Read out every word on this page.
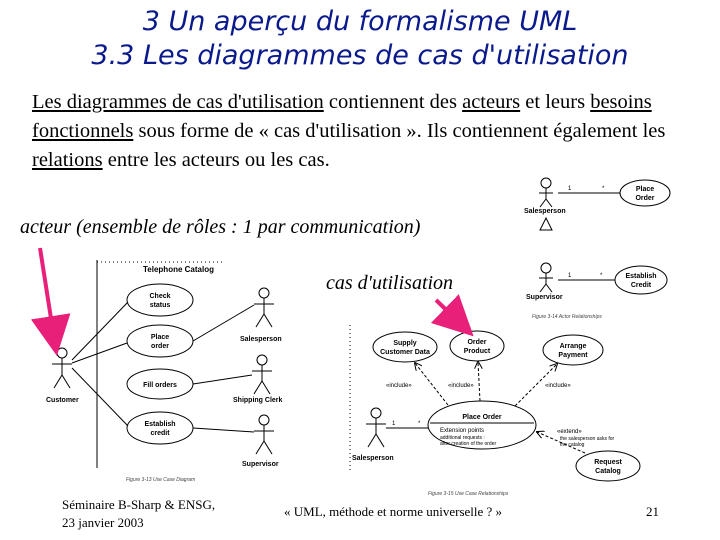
3 Un aperçu du formalisme UML
3.3 Les diagrammes de cas d'utilisation
Les diagrammes de cas d'utilisation contiennent des acteurs et leurs besoins fonctionnels sous forme de « cas d'utilisation ». Ils contiennent également les relations entre les acteurs ou les cas.
acteur (ensemble de rôles : 1 par communication)
cas d'utilisation
Salesperson
1	*	Place
Order
Supervisor
1	*	Establish
Credit
Figure 3-14 Actor Relationships
Telephone Catalog
Check
status
Place
order
Fill orders
Establish
credit
Customer
Salesperson
Shipping Clerk
Supervisor
Figure 3-13 Use Case Diagram
Supply
Customer Data
Order
Product
Arrange
Payment
Place Order
Extension points
additional requests :
after creation of the order
«include»	«include»	«include»
Request
Catalog
«extend»
the salesperson asks for
the catalog
Salesperson
1	*
Figure 3-15 Use Case Relationships
Séminaire B-Sharp & ENSG,
23 janvier 2003
« UML, méthode et norme universelle ? »	21
